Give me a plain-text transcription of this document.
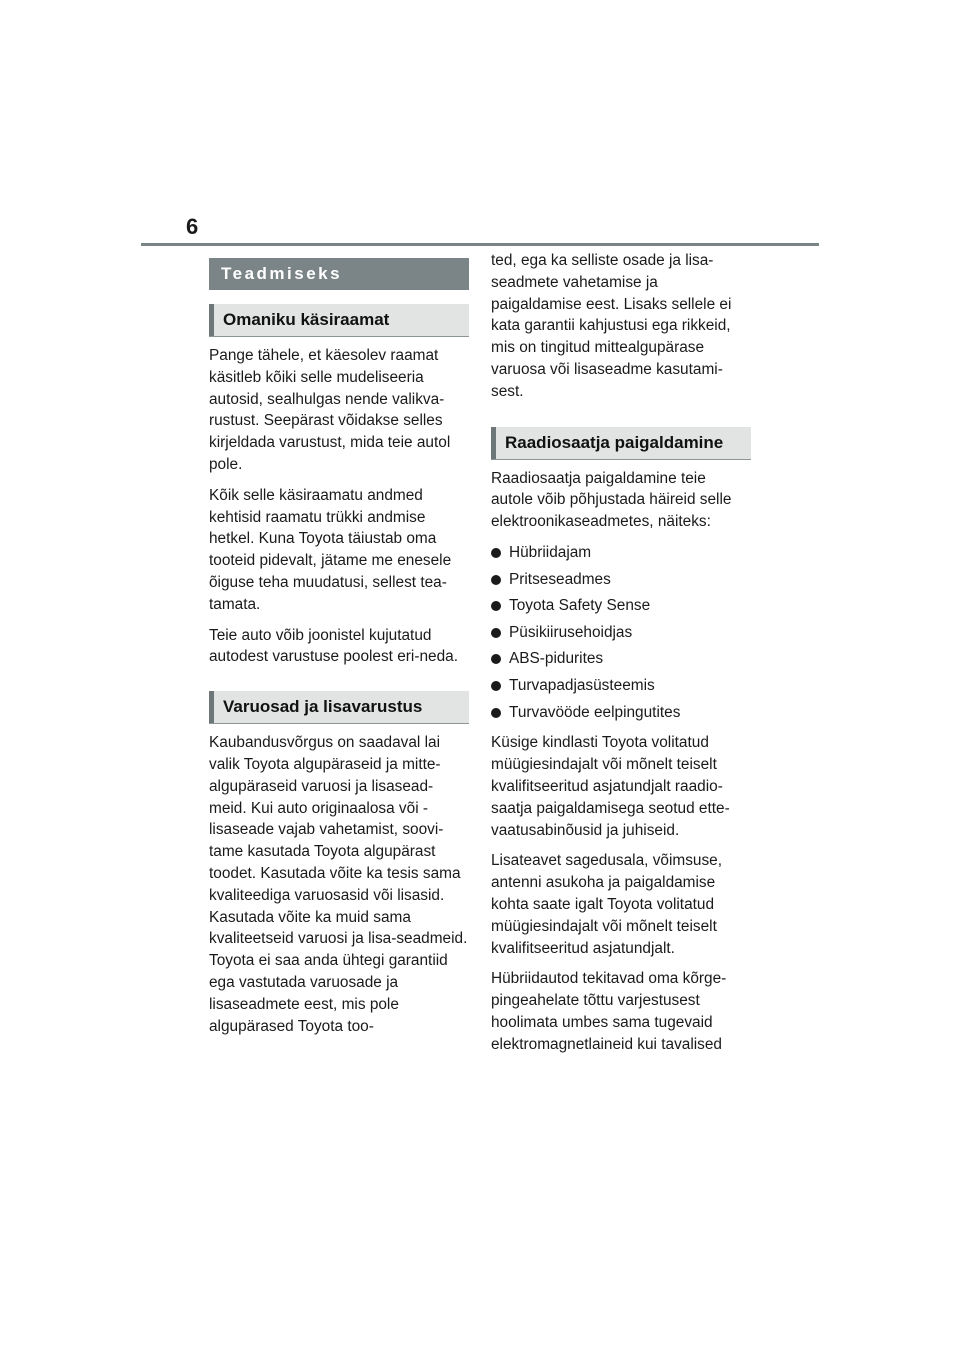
6
Teadmiseks
Omaniku käsiraamat

Pange tähele, et käesolev raamat käsitleb kõiki selle mudeliseeria autosid, sealhulgas nende valikva-rustust. Seepärast võidakse selles kirjeldada varustust, mida teie autol pole.

Kõik selle käsiraamatu andmed kehtisid raamatu trükki andmise hetkel. Kuna Toyota täiustab oma tooteid pidevalt, jätame me enesele õiguse teha muudatusi, sellest tea-tamata.

Teie auto võib joonistel kujutatud autodest varustuse poolest eri-neda.

Varuosad ja lisavarustus

Kaubandusvõrgus on saadaval lai valik Toyota algupäraseid ja mitte-algupäraseid varuosi ja lisasead-meid. Kui auto originaalosa või -lisaseade vajab vahetamist, soovi-tame kasutada Toyota algupärast toodet. Kasutada võite ka tesis sama kvaliteediga varuosasid või lisasid. Kasutada võite ka muid sama kvaliteetseid varuosi ja lisa-seadmeid. Toyota ei saa anda ühtegi garantiid ega vastutada varuosade ja lisaseadmete eest, mis pole algupärased Toyota too-

ted, ega ka selliste osade ja lisa-seadmete vahetamise ja paigaldamise eest. Lisaks sellele ei kata garantii kahjustusi ega rikkeid, mis on tingitud mittealgupärase varuosa või lisaseadme kasutami-sest.

Raadiosaatja paigaldamine

Raadiosaatja paigaldamine teie autole võib põhjustada häireid selle elektroonikaseadmetes, näiteks:

Hübriidajam
Pritseseadmes
Toyota Safety Sense
Püsikiirusehoidjas
ABS-pidurites
Turvapadjasüsteemis
Turvavööde eelpingutites

Küsige kindlasti Toyota volitatud müügiesindajalt või mõnelt teiselt kvalifitseeritud asjatundjalt raadio-saatja paigaldamisega seotud ette-vaatusabinõusid ja juhiseid.

Lisateavet sagedusala, võimsuse, antenni asukoha ja paigaldamise kohta saate igalt Toyota volitatud müügiesindajalt või mõnelt teiselt kvalifitseeritud asjatundjalt.

Hübriidautod tekitavad oma kõrge-pingeahelate tõttu varjestusest hoolimata umbes sama tugevaid elektromagnetlaineid kui tavalised
